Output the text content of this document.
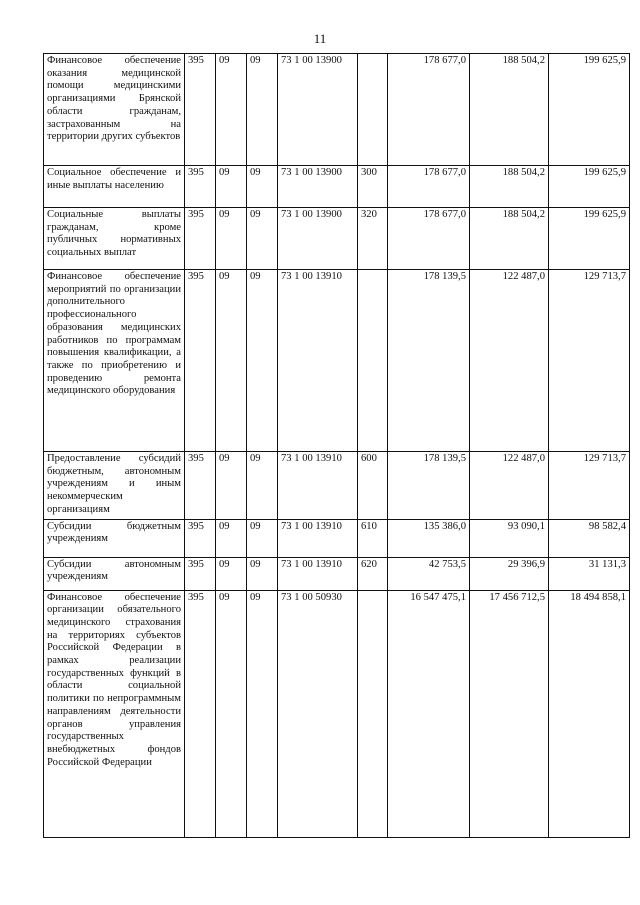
11
Финансовое обеспечение оказания медицинской помощи медицинскими организациями Брянской области гражданам, застрахованным на территории других субъектов	395	09	09	73 1 00 13900		178 677,0	188 504,2	199 625,9
Социальное обеспечение и иные выплаты населению	395	09	09	73 1 00 13900	300	178 677,0	188 504,2	199 625,9
Социальные выплаты гражданам, кроме публичных нормативных социальных выплат	395	09	09	73 1 00 13900	320	178 677,0	188 504,2	199 625,9
Финансовое обеспечение мероприятий по организации дополнительного профессионального образования медицинских работников по программам повышения квалификации, а также по приобретению и проведению ремонта медицинского оборудования	395	09	09	73 1 00 13910		178 139,5	122 487,0	129 713,7
Предоставление субсидий бюджетным, автономным учреждениям и иным некоммерческим организациям	395	09	09	73 1 00 13910	600	178 139,5	122 487,0	129 713,7
Субсидии бюджетным учреждениям	395	09	09	73 1 00 13910	610	135 386,0	93 090,1	98 582,4
Субсидии автономным учреждениям	395	09	09	73 1 00 13910	620	42 753,5	29 396,9	31 131,3
Финансовое обеспечение организации обязательного медицинского страхования на территориях субъектов Российской Федерации в рамках реализации государственных функций в области социальной политики по непрограммным направлениям деятельности органов управления государственных внебюджетных фондов Российской Федерации	395	09	09	73 1 00 50930		16 547 475,1	17 456 712,5	18 494 858,1
